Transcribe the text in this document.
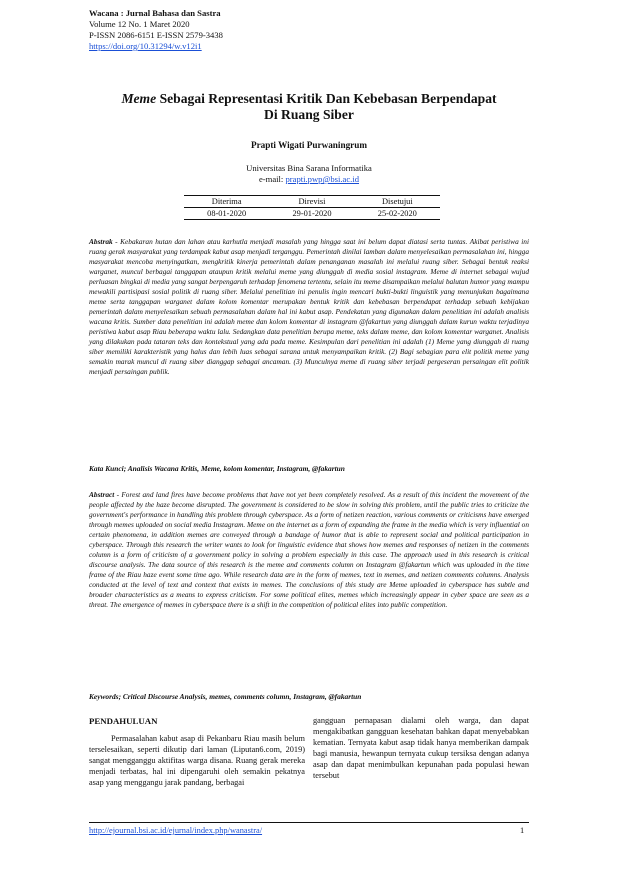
Wacana : Jurnal Bahasa dan Sastra
Volume 12 No. 1 Maret 2020
P-ISSN 2086-6151 E-ISSN 2579-3438
https://doi.org/10.31294/w.v12i1
Meme Sebagai Representasi Kritik Dan Kebebasan Berpendapat
Di Ruang Siber
Prapti Wigati Purwaningrum
Universitas Bina Sarana Informatika
e-mail: prapti.pwp@bsi.ac.id
Diterima	Direvisi	Disetujui
08-01-2020	29-01-2020	25-02-2020
Abstrak - Kebakaran hutan dan lahan atau karhutla menjadi masalah yang hingga saat ini belum dapat diatasi serta tuntas. Akibat peristiwa ini ruang gerak masyarakat yang terdampak kabut asap menjadi terganggu. Pemerintah dinilai lamban dalam menyelesaikan permasalahan ini, hingga masyarakat mencoba menyingatkan, mengkritik kinerja pemerintah dalam penanganan masalah ini melalui ruang siber. Sebagai bentuk reaksi warganet, muncul berbagai tanggapan ataupun kritik melalui meme yang diunggah di media sosial instagram. Meme di internet sebagai wujud perluasan bingkai di media yang sangat berpengaruh terhadap fenomena tertentu, selain itu meme disampaikan melalui balutan humor yang mampu mewakili partisipasi sosial politik di ruang siber. Melalui penelitian ini penulis ingin mencari bukti-bukti linguistik yang menunjukan bagaimana meme serta tanggapan warganet dalam kolom komentar merupakan bentuk kritik dan kebebasan berpendapat terhadap sebuah kebijakan pemerintah dalam menyelesaikan sebuah permasalahan dalam hal ini kabut asap. Pendekatan yang digunakan dalam penelitian ini adalah analisis wacana kritis. Sumber data penelitian ini adalah meme dan kolom komentar di instagram @fakartun yang diunggah dalam kurun waktu terjadinya peristiwa kabut asap Riau beberapa waktu lalu. Sedangkan data penelitian berupa meme, teks dalam meme, dan kolom komentar warganet. Analisis yang dilakukan pada tataran teks dan kontekstual yang ada pada meme. Kesimpulan dari penelitian ini adalah (1) Meme yang diunggah di ruang siber memiliki karakteristik yang halus dan lebih luas sebagai sarana untuk menyampaikan kritik. (2) Bagi sebagian para elit politik meme yang semakin marak muncul di ruang siber dianggap sebagai ancaman. (3) Munculnya meme di ruang siber terjadi pergeseran persaingan elit politik menjadi persaingan publik.
Kata Kunci; Analisis Wacana Kritis, Meme, kolom komentar, Instagram, @fakartun
Abstract - Forest and land fires have become problems that have not yet been completely resolved. As a result of this incident the movement of the people affected by the haze become disrupted. The government is considered to be slow in solving this problem, until the public tries to criticize the government's performance in handling this problem through cyberspace. As a form of netizen reaction, various comments or criticisms have emerged through memes uploaded on social media Instagram. Meme on the internet as a form of expanding the frame in the media which is very influential on certain phenomena, in addition memes are conveyed through a bandage of humor that is able to represent social and political participation in cyberspace. Through this research the writer wants to look for linguistic evidence that shows how memes and responses of netizen in the comments column is a form of criticism of a government policy in solving a problem especially in this case. The approach used in this research is critical discourse analysis. The data source of this research is the meme and comments column on Instagram @fakartun which was uploaded in the time frame of the Riau haze event some time ago. While research data are in the form of memes, text in memes, and netizen comments columns. Analysis conducted at the level of text and context that exists in memes. The conclusions of this study are Meme uploaded in cyberspace has subtle and broader characteristics as a means to express criticism. For some political elites, memes which increasingly appear in cyber space are seen as a threat. The emergence of memes in cyberspace there is a shift in the competition of political elites into public competition.
Keywords; Critical Discourse Analysis, memes, comments column, Instagram, @fakartun
PENDAHULUAN
Permasalahan kabut asap di Pekanbaru Riau masih belum terselesaikan, seperti dikutip dari laman (Liputan6.com, 2019) sangat mengganggu aktifitas warga disana. Ruang gerak mereka menjadi terbatas, hal ini dipengaruhi oleh semakin pekatnya asap yang menggangu jarak pandang, berbagai
gangguan pernapasan dialami oleh warga, dan dapat mengakibatkan gangguan kesehatan bahkan dapat menyebabkan kematian. Ternyata kabut asap tidak hanya memberikan dampak bagi manusia, hewanpun ternyata cukup tersiksa dengan adanya asap dan dapat menimbulkan kepunahan pada populasi hewan tersebut
http://ejournal.bsi.ac.id/ejurnal/index.php/wanastra/	1
